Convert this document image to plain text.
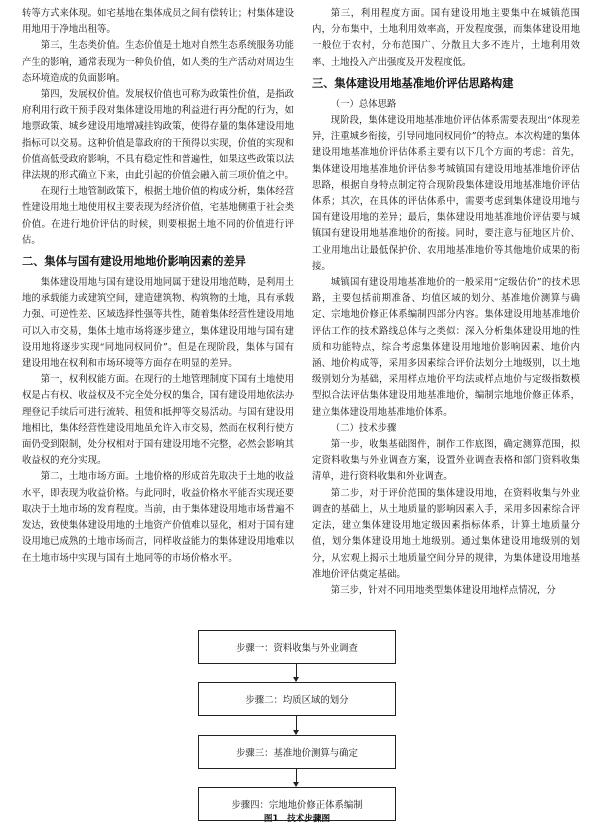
转等方式来体现。如宅基地在集体成员之间有偿转让；村集体建设用地用于净地出租等。

第三，生态类价值。生态价值是土地对自然生态系统服务功能产生的影响，通常表现为一种负价值，如人类的生产活动对周边生态环境造成的负面影响。

第四，发展权价值。发展权价值也可称为政策性价值，是指政府利用行政干预手段对集体建设用地的利益进行再分配的行为，如地票政策、城乡建设用地增减挂钩政策，使得存量的集体建设用地指标可以交易。这种价值是靠政府的干预得以实现，价值的实现和价值高低受政府影响，不具有稳定性和普遍性，如果这些政策以法律法规的形式确立下来，由此引起的价值会融入前三项价值之中。

在现行土地管制政策下，根据土地价值的构成分析，集体经营性建设用地土地使用权主要表现为经济价值，宅基地侧重于社会类价值。在进行地价评估的时候，则要根据土地不同的价值进行评估。

二、集体与国有建设用地地价影响因素的差异

集体建设用地与国有建设用地同属于建设用地范畴，是利用土地的承载能力或建筑空间，建造建筑物、构筑物的土地，具有承载力强、可逆性差、区域选择性强等共性，随着集体经营性建设用地可以入市交易，集体土地市场将逐步建立，集体建设用地与国有建设用地将逐步实现“同地同权同价”。但是在现阶段，集体与国有建设用地在权利和市场环境等方面存在明显的差异。

第一，权利权能方面。在现行的土地管理制度下国有土地使用权是占有权、收益权及不完全处分权的集合，国有建设用地依法办理登记手续后可进行流转、租赁和抵押等交易活动。与国有建设用地相比，集体经营性建设用地虽允许入市交易，然而在权利行使方面仍受到限制，处分权相对于国有建设用地不完整，必然会影响其收益权的充分实现。

第二，土地市场方面。土地价格的形成首先取决于土地的收益水平，即表现为收益价格。与此同时，收益价格水平能否实现还要取决于土地市场的发育程度。当前，由于集体建设用地市场普遍不发达，致使集体建设用地的土地资产价值难以显化，相对于国有建设用地已成熟的土地市场而言，同样收益能力的集体建设用地难以在土地市场中实现与国有土地同等的市场价格水平。

第三，利用程度方面。国有建设用地主要集中在城镇范围内，分布集中，土地利用效率高，开发程度强，而集体建设用地一般位于农村，分布范围广、分散且大多不连片，土地利用效率、土地投入产出强度及开发程度低。

三、集体建设用地基准地价评估思路构建

（一）总体思路

现阶段，集体建设用地基准地价评估体系需要表现出“体现差异，注重城乡衔接，引导同地同权同价”的特点。本次构建的集体建设用地基准地价评估体系主要有以下几个方面的考虑：首先，集体建设用地基准地价评估参考城镇国有建设用地基准地价评估思路，根据自身特点制定符合现阶段集体建设用地基准地价评估体系；其次，在具体的评估体系中，需要考虑到集体建设用地与国有建设用地的差异；最后，集体建设用地基准地价评估要与城镇国有建设用地基准地价的衔接。同时，要注意与征地区片价、工业用地出让最低保护价、农用地基准地价等其他地价成果的衔接。

城镇国有建设用地基准地价的一般采用“定级估价”的技术思路，主要包括前期准备、均值区域的划分、基准地价测算与确定、宗地地价修正体系编制四部分内容。集体建设用地基准地价评估工作的技术路线总体与之类似：深入分析集体建设用地的性质和功能特点，综合考虑集体建设用地地价影响因素、地价内涵、地价构成等，采用多因素综合评价法划分土地级别，以土地级别划分为基础，采用样点地价平均法或样点地价与定级指数模型拟合法评估集体建设用地基准地价，编制宗地地价修正体系，建立集体建设用地基准地价体系。

（二）技术步骤

第一步，收集基础图件，制作工作底图，确定测算范围，拟定资料收集与外业调查方案，设置外业调查表格和部门资料收集清单，进行资料收集和外业调查。

第二步，对于评价范围的集体建设用地，在资料收集与外业调查的基础上，从土地质量的影响因素入手，采用多因素综合评定法，建立集体建设用地定级因素指标体系，计算土地质量分值，划分集体建设用地土地级别。通过集体建设用地级别的划分，从宏观上揭示土地质量空间分异的规律，为集体建设用地基准地价评估奠定基础。

第三步，针对不同用地类型集体建设用地样点情况，分

步骤一：资料收集与外业调查
步骤二：均质区域的划分
步骤三：基准地价测算与确定
步骤四：宗地地价修正体系编制
图1　技术步骤图
